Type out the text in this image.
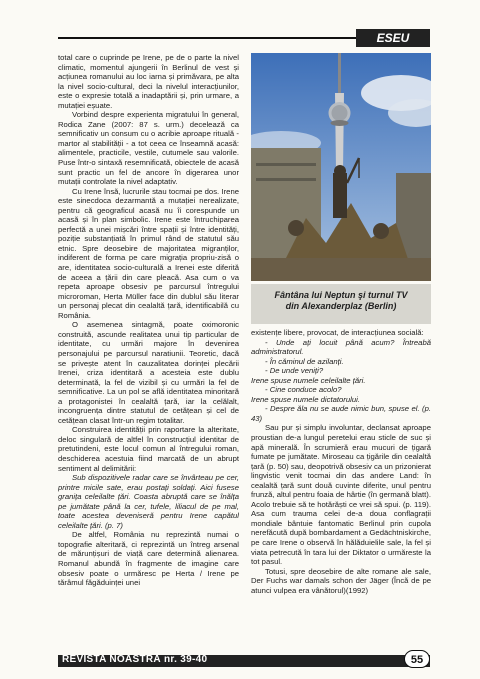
ESEU

total care o cuprinde pe Irene, pe de o parte la nivel climatic, momentul ajungerii în Berlinul de vest și acțiunea romanului au loc iarna și primăvara, pe alta la nivel socio-cultural, deci la nivelul interacțiunilor, este o expresie totală a inadaptării și, prin urmare, a mutației eșuate.

Vorbind despre experienta migratului în general, Rodica Zane (2007: 87 s. urm.) decelează ca semnificativ un consum cu o acribie aproape rituală - martor al stabilității - a tot ceea ce înseamnă acasă: alimentele, practicile, vestile, cutumele sau valorile. Puse într-o sintaxă resemnificată, obiectele de acasă sunt practic un fel de ancore în digerarea unor mutații controlate la nivel adaptativ.

Cu Irene însă, lucrurile stau tocmai pe dos. Irene este sinecdoca dezarmantă a mutației nerealizate, pentru că geograficul acasă nu îi corespunde un acasă și în plan simbolic. Irene este întruchiparea perfectă a unei mișcări între spații și între identități, poziție substanțiată în primul rând de statutul său etnic. Spre deosebire de majoritatea migranților, indiferent de forma pe care migrația propriu-zisă o are, identitatea socio-culturală a Irenei este diferită de aceea a țării din care pleacă. Asa cum o va repeta aproape obsesiv pe parcursul întregului microroman, Herta Müller face din dublul său literar un personaj plecat din cealaltă țară, identificabilă cu România.

O asemenea sintagmă, poate oximoronic construită, ascunde realitatea unui tip particular de identitate, cu urmări majore în devenirea personajului pe parcursul naratiunii. Teoretic, dacă se privește atent în cauzalitatea dorinței plecării Irenei, criza identitară a acesteia este dublu determinată, la fel de vizibil și cu urmări la fel de semnificative. La un pol se află identitatea minoritară a protagonistei în cealaltă țară, iar la celălalt, incongruența dintre statutul de cetățean și cel de cetățean clasat într-un regim totalitar.

Construirea identității prin raportare la alteritate, deloc singulară de altfel în construcțiul identitar de pretutindeni, este locul comun al întregului roman, deschiderea acestuia fiind marcată de un abrupt sentiment al delimitării:

Sub dispozitivele radar care se învârteau pe cer, printre micile sate, erau postați soldați. Aici fusese granița celeilalte țări. Coasta abruptă care se înălța pe jumătate până la cer, tufele, liliacul de pe mal, toate acestea deveniseră pentru Irene capătul celeilalte țări. (p. 7)

De altfel, România nu reprezintă numai o topografie alteritară, ci reprezintă un întreg arsenal de mărunțișuri de viață care determină alienarea. Romanul abundă în fragmente de imagine care obsesiv poate o urmăresc pe Herta / Irene pe tărâmul făgăduinței unei

Fântâna lui Neptun şi turnul TV
din Alexanderplaz (Berlin)

existențe libere, provocat, de interacțiunea socială:

- Unde ați locuit până acum? Întreabă administratorul.

- În căminul de azilanți.

- De unde veniți?

Irene spuse numele celeilalte țări.

- Cine conduce acolo?

Irene spuse numele dictatorului.

- Despre ăla nu se aude nimic bun, spuse el. (p. 43)

Sau pur și simplu involuntar, declansat aproape proustian de-a lungul peretelui erau sticle de suc și apă minerală. În scrumieră erau mucuri de țigară fumate pe jumătate. Miroseau ca țigările din cealaltă țară (p. 50) sau, deopotrivă obsesiv ca un prizonierat lingvistic venit tocmai din das andere Land: în cealaltă țară sunt două cuvinte diferite, unul pentru frunză, altul pentru foaia de hârtie (în germană blatt). Acolo trebuie să te hotărăști ce vrei să spui. (p. 119). Asa cum trauma celei de-a doua conflagrații mondiale bântuie fantomatic Berlinul prin cupola nerefăcută după bombardament a Gedächtniskirche, pe care Irene o observă în hălăduielile sale, la fel și viata petrecută în tara lui der Diktator o urmăreste la tot pasul.

Totusi, spre deosebire de alte romane ale sale, Der Fuchs war damals schon der Jäger (Încă de pe atunci vulpea era vânătorul)(1992)

REVISTA NOASTRĂ nr. 39-40	55
